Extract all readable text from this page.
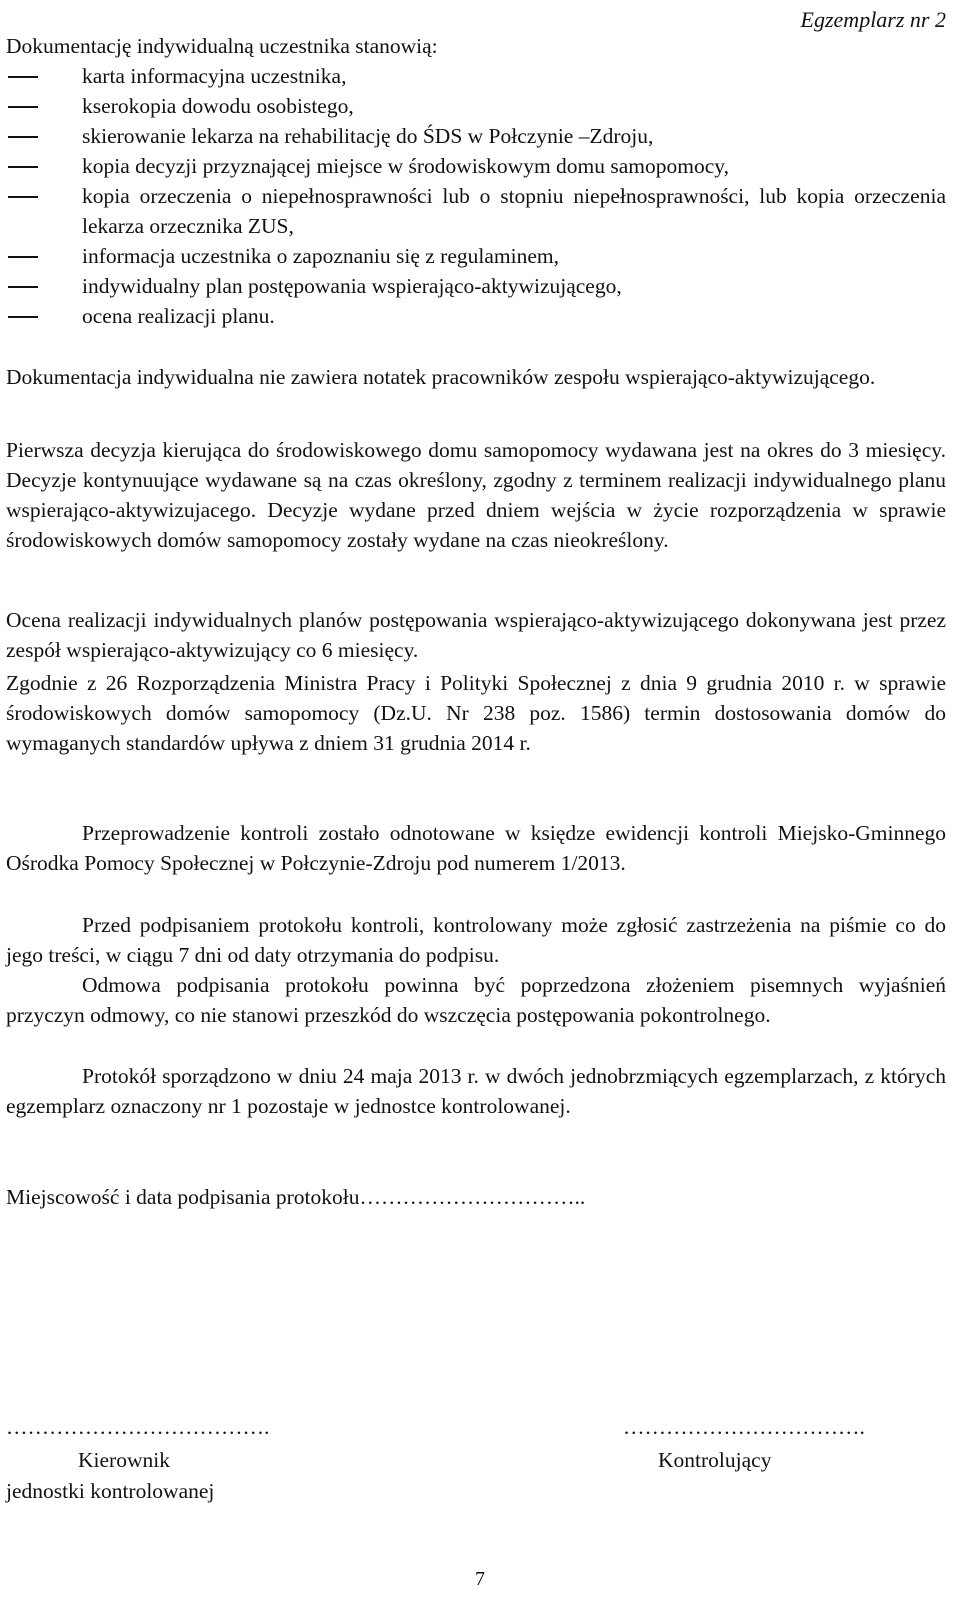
Egzemplarz nr 2
Dokumentację indywidualną uczestnika stanowią:
karta informacyjna uczestnika,
kserokopia dowodu osobistego,
skierowanie lekarza na rehabilitację do ŚDS w Połczynie –Zdroju,
kopia decyzji przyznającej miejsce w środowiskowym domu samopomocy,
kopia orzeczenia o niepełnosprawności lub o stopniu niepełnosprawności, lub kopia orzeczenia lekarza orzecznika ZUS,
informacja uczestnika o zapoznaniu się z regulaminem,
indywidualny plan postępowania wspierająco-aktywizującego,
ocena realizacji planu.
Dokumentacja indywidualna nie zawiera notatek pracowników zespołu wspierająco-aktywizującego.
Pierwsza decyzja kierująca do środowiskowego domu samopomocy wydawana jest na okres do 3 miesięcy. Decyzje kontynuujące wydawane są na czas określony, zgodny z terminem realizacji indywidualnego planu wspierająco-aktywizujacego. Decyzje wydane przed dniem wejścia w życie rozporządzenia w sprawie środowiskowych domów samopomocy zostały wydane na czas nieokreślony.
Ocena realizacji indywidualnych planów postępowania wspierająco-aktywizującego dokonywana jest przez zespół wspierająco-aktywizujący co 6 miesięcy.
Zgodnie z 26 Rozporządzenia Ministra Pracy i Polityki Społecznej z dnia 9 grudnia 2010 r. w sprawie środowiskowych domów samopomocy (Dz.U. Nr 238 poz. 1586) termin dostosowania domów do wymaganych standardów upływa z dniem 31 grudnia 2014 r.
Przeprowadzenie kontroli zostało odnotowane w księdze ewidencji kontroli Miejsko-Gminnego Ośrodka Pomocy Społecznej w Połczynie-Zdroju pod numerem 1/2013.
Przed podpisaniem protokołu kontroli, kontrolowany może zgłosić zastrzeżenia na piśmie co do jego treści, w ciągu 7 dni od daty otrzymania do podpisu.
Odmowa podpisania protokołu powinna być poprzedzona złożeniem pisemnych wyjaśnień przyczyn odmowy, co nie stanowi przeszkód do wszczęcia postępowania pokontrolnego.
Protokół sporządzono w dniu 24 maja 2013 r. w dwóch jednobrzmiących egzemplarzach, z których egzemplarz oznaczony nr 1 pozostaje w jednostce kontrolowanej.
Miejscowość i data podpisania protokołu…………………………..
……………………………….	…………………………….
Kierownik
jednostki kontrolowanej
Kontrolujący
7
